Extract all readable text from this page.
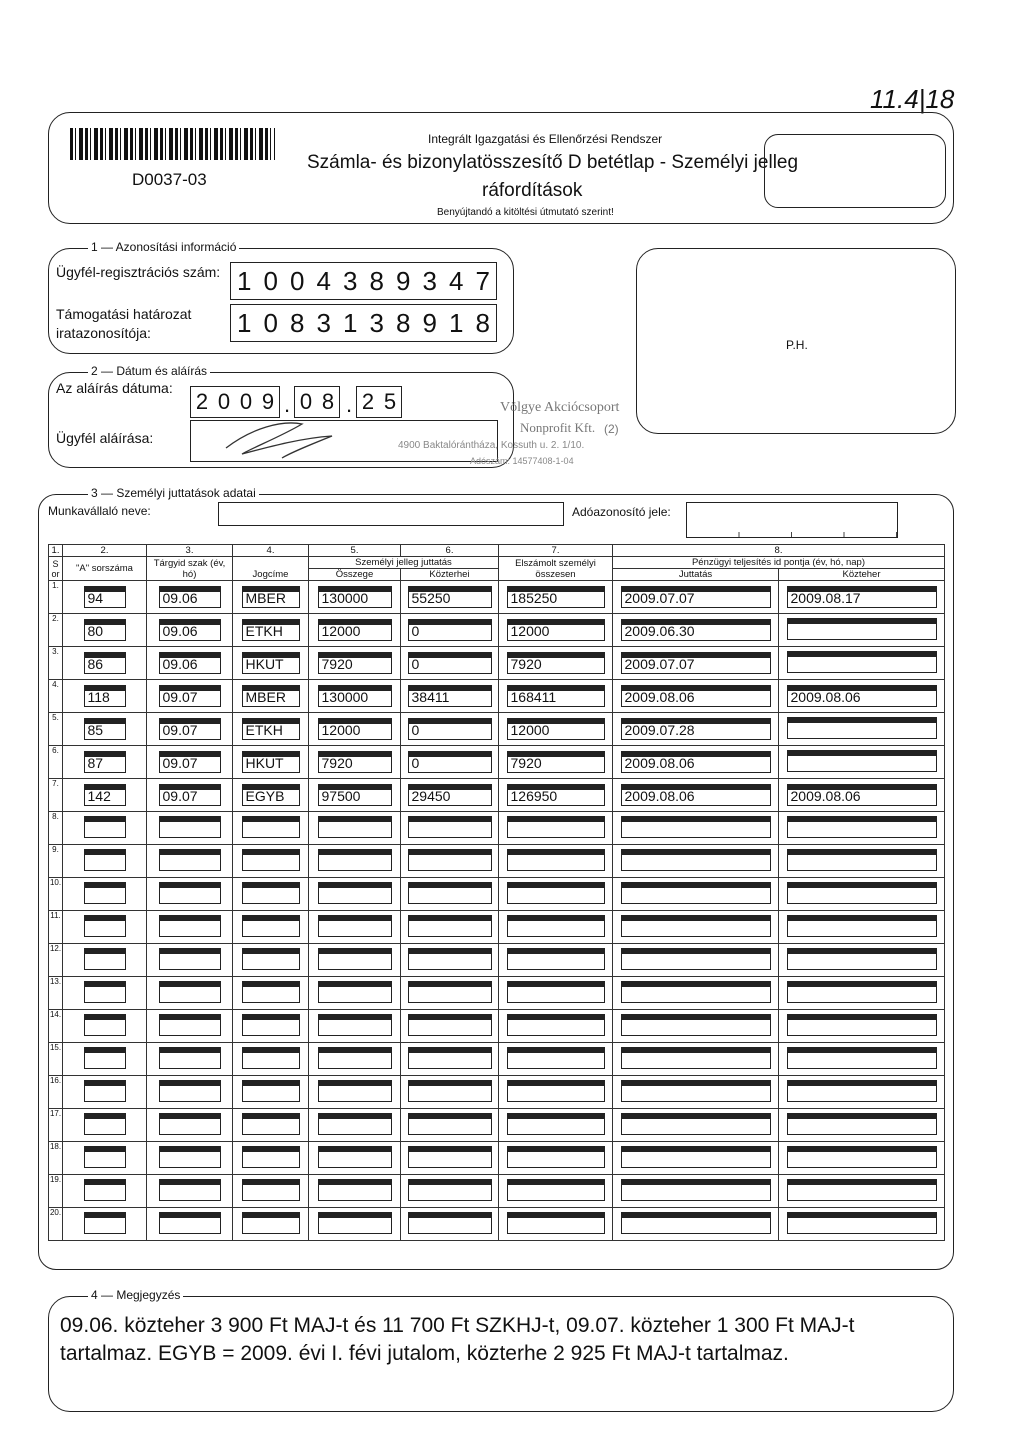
11.4|18
D0037-03
Integrált Igazgatási és Ellenőrzési Rendszer
Számla- és bizonylatösszesítő D betétlap - Személyi jelleg
ráfordítások
Benyújtandó a kitöltési útmutató szerint!
1 — Azonosítási információ
Ügyfél-regisztrációs szám: 1 0 0 4 3 8 9 3 4 7
Támogatási határozat
iratazonosítója:	1 0 8 3 1 3 8 9 1 8
P.H.
2 — Dátum és aláírás
Az aláírás dátuma:
2 0 0 9 . 0 8 . 2 5
Ügyfél aláírása:
Völgye Akciócsoport
Nonprofit Kft. (2)
4900 Baktalórántháza, Kossuth u. 2. 1/10.
Adószám: 14577408-1-04
3 — Személyi juttatások adatai
Munkavállaló neve:	Adóazonosító jele:
1.	2.	3.	4.	5.	6.	7.	8.	
S or	"A" sorszáma	Tárgyid szak (év, hó)	Jogcíme	Személyi jelleg juttatás		Elszámolt személyi összesen	Pénzügyi teljesítés id pontja (év, hó, nap)	
				Összege	Közterhei		Juttatás	Közteher
1.	94	09.06	MBER	130000	55250	185250	2009.07.07	2009.08.17
2.	80	09.06	ETKH	12000	0	12000	2009.06.30	
3.	86	09.06	HKUT	7920	0	7920	2009.07.07	
4.	118	09.07	MBER	130000	38411	168411	2009.08.06	2009.08.06
5.	85	09.07	ETKH	12000	0	12000	2009.07.28	
6.	87	09.07	HKUT	7920	0	7920	2009.08.06	
7.	142	09.07	EGYB	97500	29450	126950	2009.08.06	2009.08.06
8.								
9.								
10.								
11.								
12.								
13.								
14.								
15.								
16.								
17.								
18.								
19.								
20.								
4 — Megjegyzés
09.06. közteher 3 900 Ft MAJ-t és 11 700 Ft SZKHJ-t, 09.07. közteher 1 300 Ft MAJ-t
tartalmaz. EGYB = 2009. évi I. févi jutalom, közterhe 2 925 Ft MAJ-t tartalmaz.
